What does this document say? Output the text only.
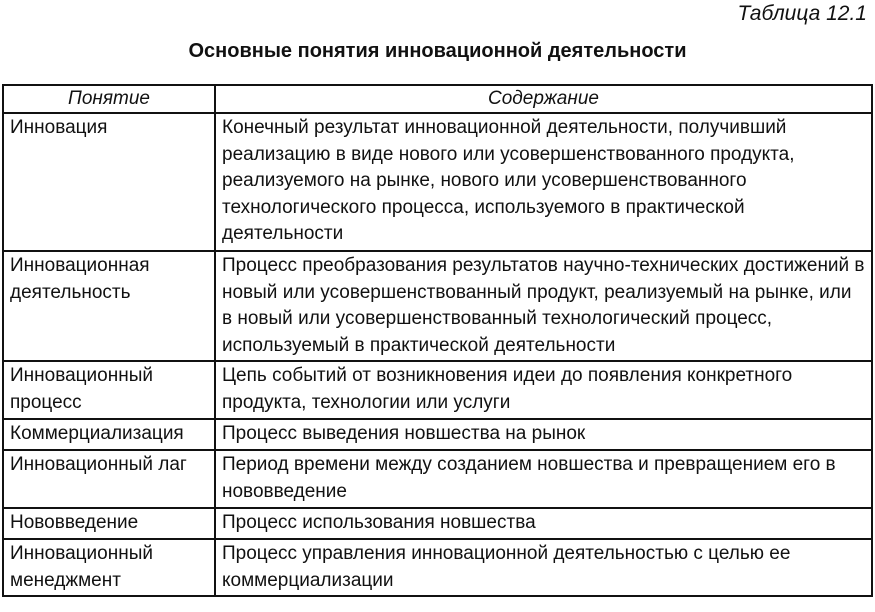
Таблица 12.1
Основные понятия инновационной деятельности
Понятие	Содержание
Инновация	Конечный результат инновационной деятельности, получивший реализацию в виде нового или усовершенствованного продукта, реализуемого на рынке, нового или усовершенствованного технологического процесса, используемого в практической деятельности
Инновационная деятельность	Процесс преобразования результатов научно-технических достижений в новый или усовершенствованный продукт, реализуемый на рынке, или в новый или усовершенствованный технологический процесс, используемый в практической деятельности
Инновационный процесс	Цепь событий от возникновения идеи до появления конкретного продукта, технологии или услуги
Коммерциализация	Процесс выведения новшества на рынок
Инновационный лаг	Период времени между созданием новшества и превращением его в нововведение
Нововведение	Процесс использования новшества
Инновационный менеджмент	Процесс управления инновационной деятельностью с целью ее коммерциализации
